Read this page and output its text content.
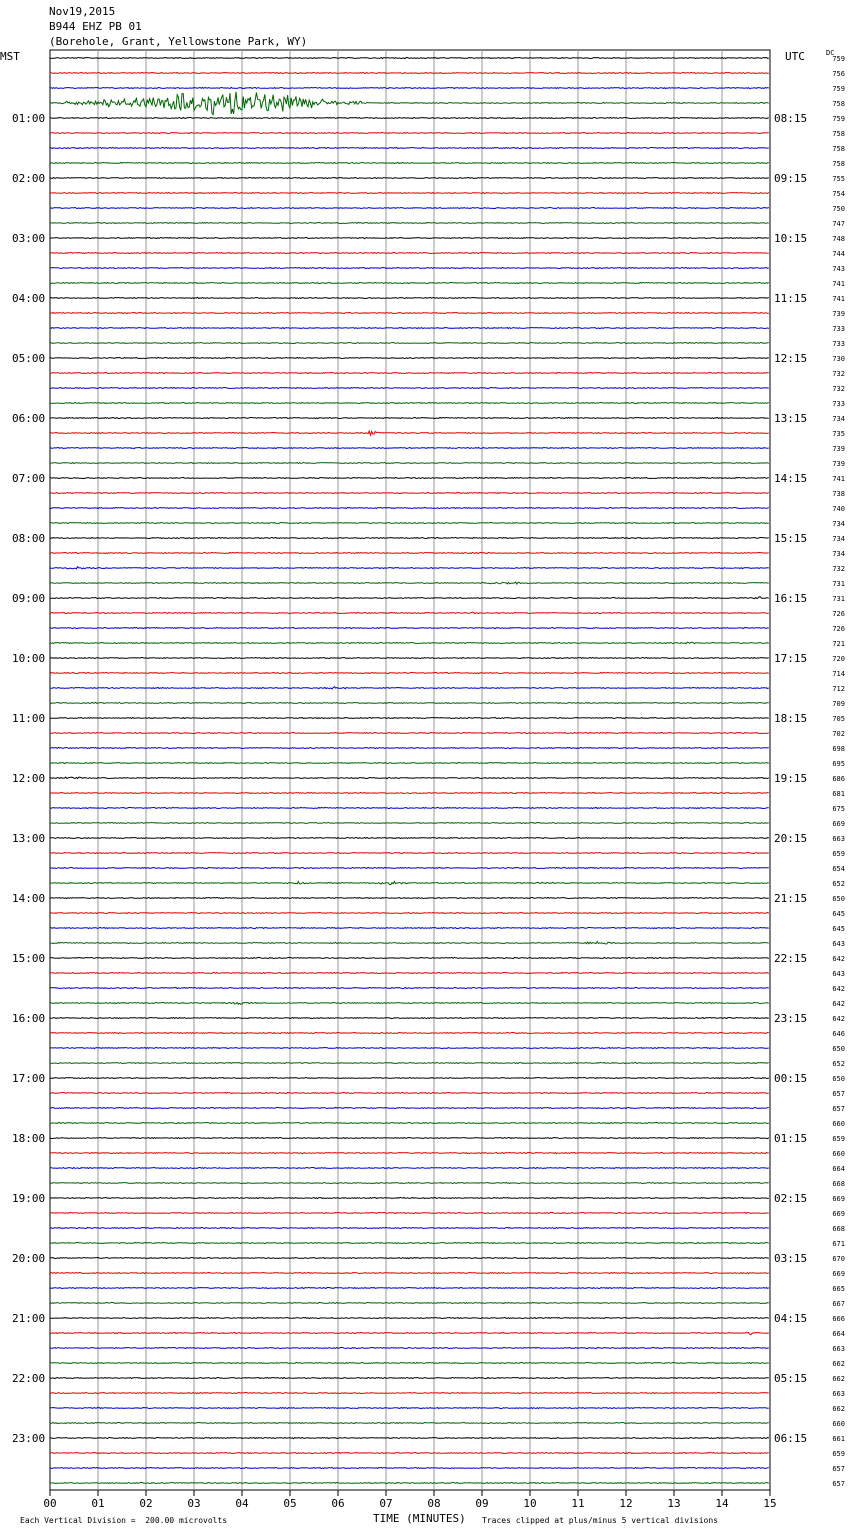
00	01	02	03	04	05	06	07	08	09	10	11	12	13	14	15
759
756
759
758
759
01:00	08:15
758
758
758
755
02:00	09:15
754
750
747
748
03:00	10:15
744
743
741
741
04:00	11:15
739
733
733
730
05:00	12:15
732
732
733
734
06:00	13:15
735
739
739
741
07:00	14:15
738
740
734
734
08:00	15:15
734
732
731
731
09:00	16:15
726
726
721
720
10:00	17:15
714
712
709
705
11:00	18:15
702
698
695
686
12:00	19:15
681
675
669
663
13:00	20:15
659
654
652
650
14:00	21:15
645
645
643
642
15:00	22:15
643
642
642
642
16:00	23:15
646
650
652
650
17:00	00:15
657
657
660
659
18:00	01:15
660
664
668
669
19:00	02:15
669
668
671
670
20:00	03:15
669
665
667
666
21:00	04:15
664
663
662
662
22:00	05:15
663
662
660
661
23:00	06:15
659
657
657
Nov19,2015
B944 EHZ PB 01
(Borehole, Grant, Yellowstone Park, WY)
MST	UTC	DC
TIME (MINUTES)
Each Vertical Division =  200.00 microvolts	Traces clipped at plus/minus 5 vertical divisions
